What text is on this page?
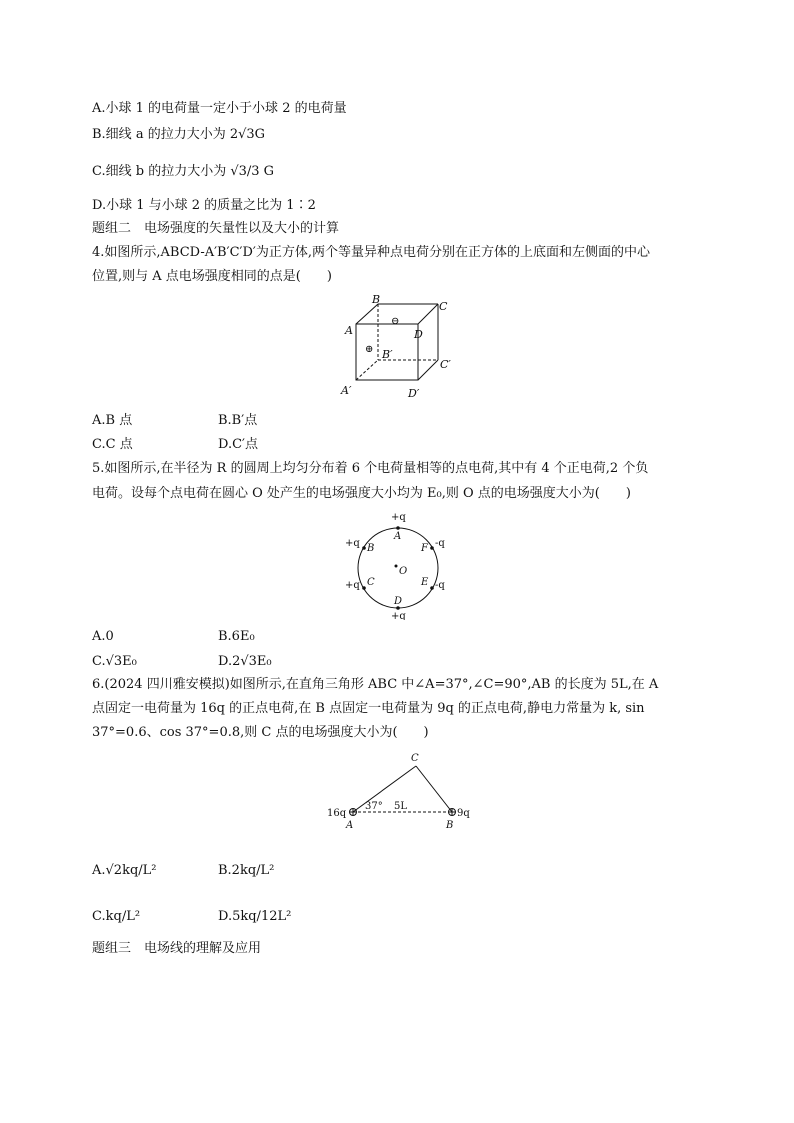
A.小球 1 的电荷量一定小于小球 2 的电荷量
B.细线 a 的拉力大小为 2√3G
C.细线 b 的拉力大小为 √3/3 G
D.小球 1 与小球 2 的质量之比为 1∶2
题组二　电场强度的矢量性以及大小的计算
4.如图所示,ABCD-A′B′C′D′为正方体,两个等量异种点电荷分别在正方体的上底面和左侧面的中心
位置,则与 A 点电场强度相同的点是(　　)
A
B
C
D
A′
B′
C′
D′
⊖
⊕
A.B 点	B.B′点
C.C 点	D.C′点
5.如图所示,在半径为 R 的圆周上均匀分布着 6 个电荷量相等的点电荷,其中有 4 个正电荷,2 个负
电荷。设每个点电荷在圆心 O 处产生的电场强度大小均为 E₀,则 O 点的电场强度大小为(　　)
+q
A
+q B	F -q
O
+q C	E -q
D
+q
A.0	B.6E₀
C.√3E₀	D.2√3E₀
6.(2024 四川雅安模拟)如图所示,在直角三角形 ABC 中∠A=37°,∠C=90°,AB 的长度为 5L,在 A
点固定一电荷量为 16q 的正点电荷,在 B 点固定一电荷量为 9q 的正点电荷,静电力常量为 k, sin
37°=0.6、cos 37°=0.8,则 C 点的电场强度大小为(　　)
C
16q
37° 5L
9q
A	B
A.√2kq/L²	B.2kq/L²
C.kq/L²	D.5kq/12L²
题组三　电场线的理解及应用
